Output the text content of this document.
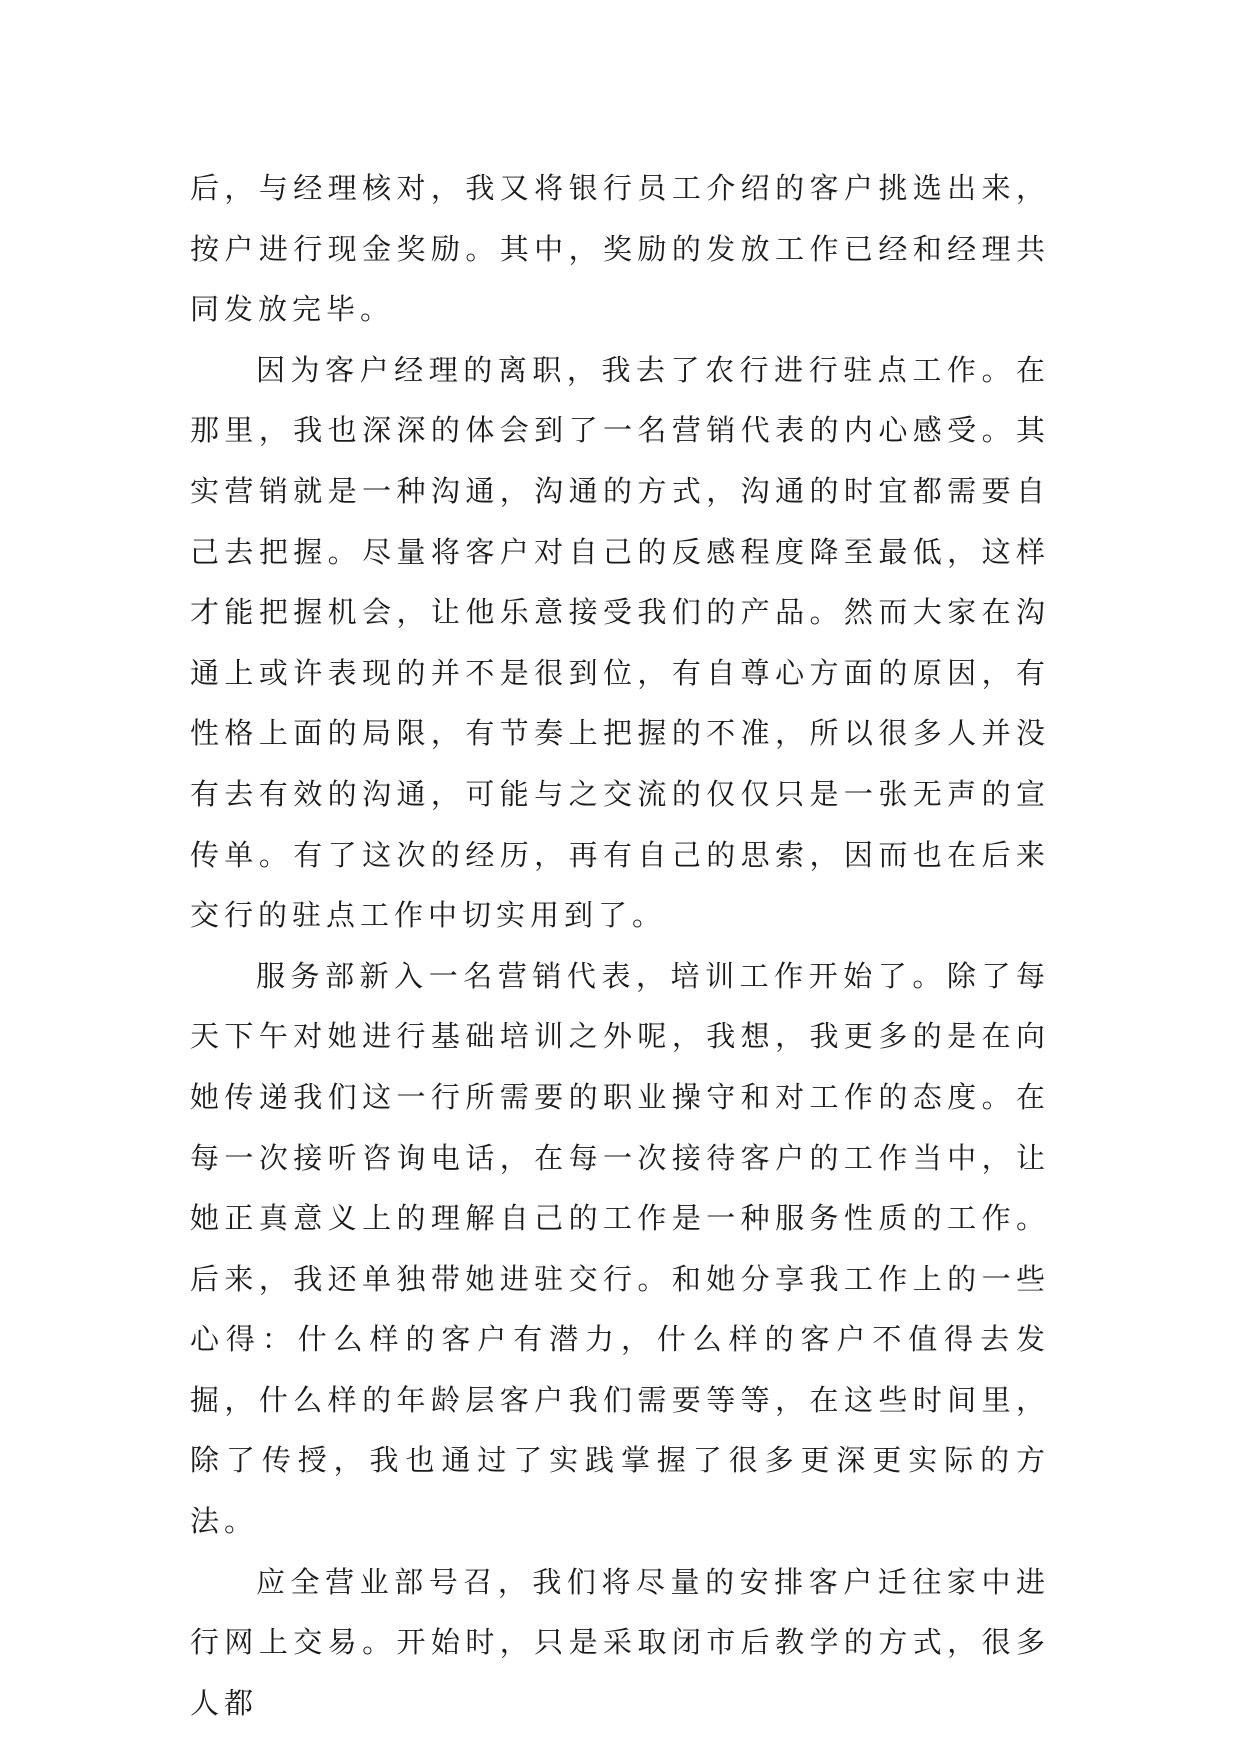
后，与经理核对，我又将银行员工介绍的客户挑选出来，按户进行现金奖励。其中，奖励的发放工作已经和经理共同发放完毕。

因为客户经理的离职，我去了农行进行驻点工作。在那里，我也深深的体会到了一名营销代表的内心感受。其实营销就是一种沟通，沟通的方式，沟通的时宜都需要自己去把握。尽量将客户对自己的反感程度降至最低，这样才能把握机会，让他乐意接受我们的产品。然而大家在沟通上或许表现的并不是很到位，有自尊心方面的原因，有性格上面的局限，有节奏上把握的不准，所以很多人并没有去有效的沟通，可能与之交流的仅仅只是一张无声的宣传单。有了这次的经历，再有自己的思索，因而也在后来交行的驻点工作中切实用到了。

服务部新入一名营销代表，培训工作开始了。除了每天下午对她进行基础培训之外呢，我想，我更多的是在向她传递我们这一行所需要的职业操守和对工作的态度。在每一次接听咨询电话，在每一次接待客户的工作当中，让她正真意义上的理解自己的工作是一种服务性质的工作。后来，我还单独带她进驻交行。和她分享我工作上的一些心得：什么样的客户有潜力，什么样的客户不值得去发掘，什么样的年龄层客户我们需要等等，在这些时间里，除了传授，我也通过了实践掌握了很多更深更实际的方法。

应全营业部号召，我们将尽量的安排客户迁往家中进行网上交易。开始时，只是采取闭市后教学的方式，很多人都
